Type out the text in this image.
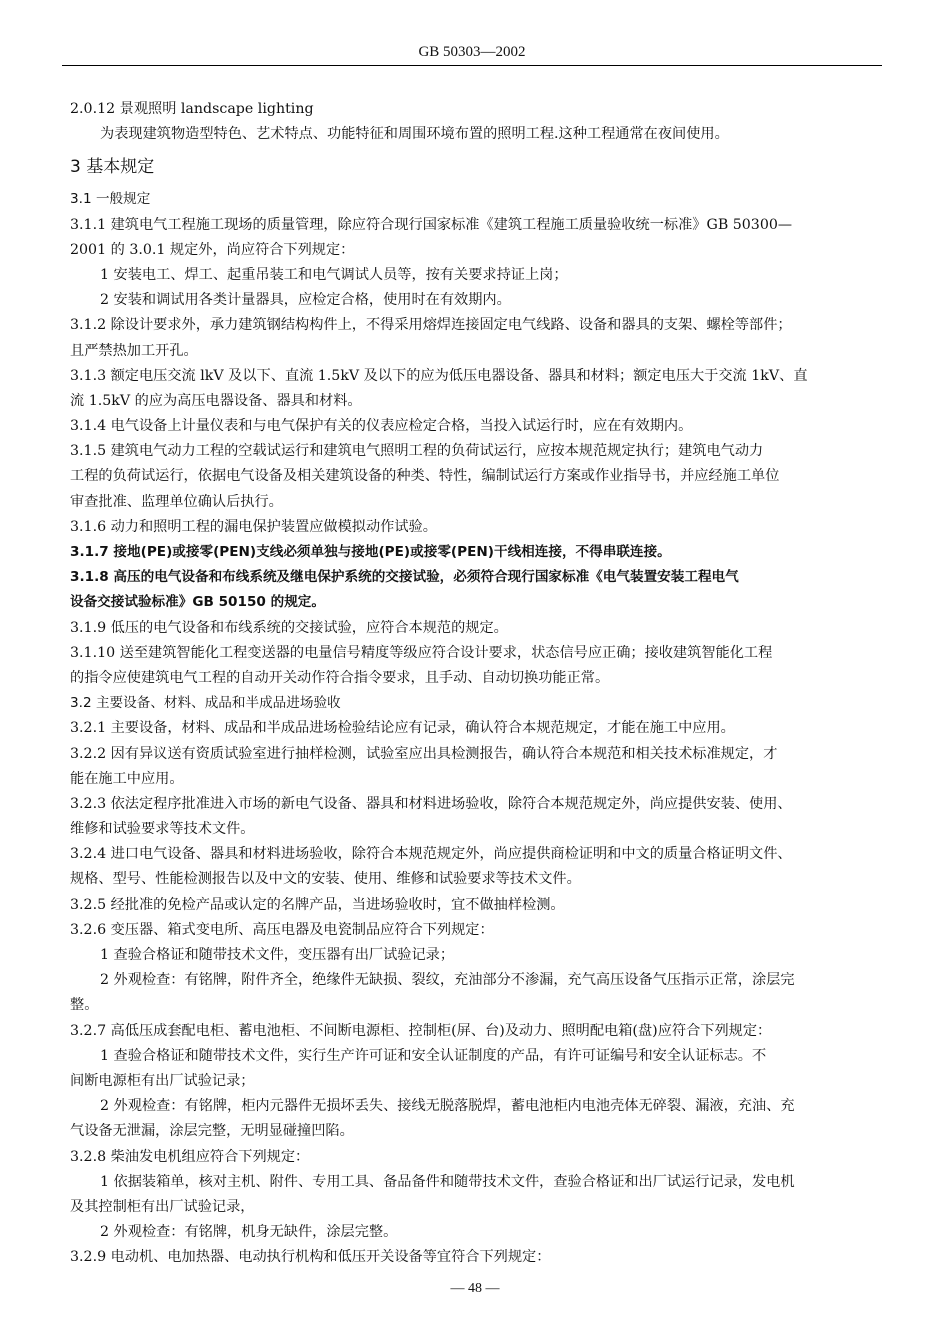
GB 50303—2002
2.0.12 景观照明 landscape lighting
为表现建筑物造型特色、艺术特点、功能特征和周围环境布置的照明工程.这种工程通常在夜间使用。
3 基本规定
3.1 一般规定
3.1.1 建筑电气工程施工现场的质量管理，除应符合现行国家标准《建筑工程施工质量验收统一标准》GB 50300—
2001 的 3.0.1 规定外，尚应符合下列规定：
1 安装电工、焊工、起重吊装工和电气调试人员等，按有关要求持证上岗；
2 安装和调试用各类计量器具，应检定合格，使用时在有效期内。
3.1.2 除设计要求外，承力建筑钢结构构件上，不得采用熔焊连接固定电气线路、设备和器具的支架、螺栓等部件；
且严禁热加工开孔。
3.1.3 额定电压交流 lkV 及以下、直流 1.5kV 及以下的应为低压电器设备、器具和材料；额定电压大于交流 1kV、直
流 1.5kV 的应为高压电器设备、器具和材料。
3.1.4 电气设备上计量仪表和与电气保护有关的仪表应检定合格，当投入试运行时，应在有效期内。
3.1.5 建筑电气动力工程的空载试运行和建筑电气照明工程的负荷试运行，应按本规范规定执行；建筑电气动力
工程的负荷试运行，依据电气设备及相关建筑设备的种类、特性，编制试运行方案或作业指导书，并应经施工单位
审查批准、监理单位确认后执行。
3.1.6 动力和照明工程的漏电保护装置应做模拟动作试验。
3.1.7 接地(PE)或接零(PEN)支线必须单独与接地(PE)或接零(PEN)干线相连接，不得串联连接。
3.1.8 高压的电气设备和布线系统及继电保护系统的交接试验，必须符合现行国家标准《电气装置安装工程电气
设备交接试验标准》GB 50150 的规定。
3.1.9 低压的电气设备和布线系统的交接试验，应符合本规范的规定。
3.1.10 送至建筑智能化工程变送器的电量信号精度等级应符合设计要求，状态信号应正确；接收建筑智能化工程
的指令应使建筑电气工程的自动开关动作符合指令要求，且手动、自动切换功能正常。
3.2 主要设备、材料、成品和半成品进场验收
3.2.1 主要设备，材料、成品和半成品进场检验结论应有记录，确认符合本规范规定，才能在施工中应用。
3.2.2 因有异议送有资质试验室进行抽样检测，试验室应出具检测报告，确认符合本规范和相关技术标准规定，才
能在施工中应用。
3.2.3 依法定程序批准进入市场的新电气设备、器具和材料进场验收，除符合本规范规定外，尚应提供安装、使用、
维修和试验要求等技术文件。
3.2.4 进口电气设备、器具和材料进场验收，除符合本规范规定外，尚应提供商检证明和中文的质量合格证明文件、
规格、型号、性能检测报告以及中文的安装、使用、维修和试验要求等技术文件。
3.2.5 经批准的免检产品或认定的名牌产品，当进场验收时，宜不做抽样检测。
3.2.6 变压器、箱式变电所、高压电器及电瓷制品应符合下列规定：
1 查验合格证和随带技术文件，变压器有出厂试验记录；
2 外观检查：有铭牌，附件齐全，绝缘件无缺损、裂纹，充油部分不渗漏，充气高压设备气压指示正常，涂层完
整。
3.2.7 高低压成套配电柜、蓄电池柜、不间断电源柜、控制柜(屏、台)及动力、照明配电箱(盘)应符合下列规定：
1 查验合格证和随带技术文件，实行生产许可证和安全认证制度的产品，有许可证编号和安全认证标志。不
间断电源柜有出厂试验记录；
2 外观检查：有铭牌，柜内元器件无损坏丢失、接线无脱落脱焊，蓄电池柜内电池壳体无碎裂、漏液，充油、充
气设备无泄漏，涂层完整，无明显碰撞凹陷。
3.2.8 柴油发电机组应符合下列规定：
1 依据装箱单，核对主机、附件、专用工具、备品备件和随带技术文件，查验合格证和出厂试运行记录，发电机
及其控制柜有出厂试验记录，
2 外观检查：有铭牌，机身无缺件，涂层完整。
3.2.9 电动机、电加热器、电动执行机构和低压开关设备等宜符合下列规定：
— 48 —
